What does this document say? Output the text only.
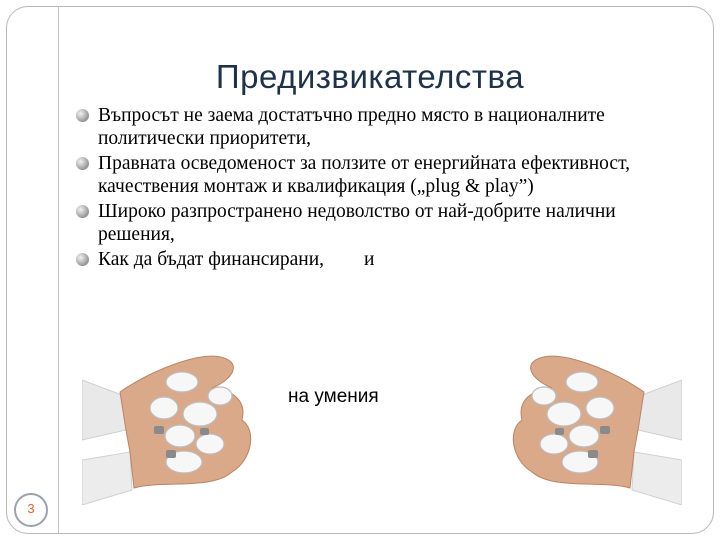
Предизвикателства
Въпросът не заема достатъчно предно място в националните политически приоритети,
Правната осведоменост за ползите от енергийната ефективност, качествения монтаж и квалификация („plug & play”)
Широко разпространено недоволство от най-добрите налични решения,
Как да бъдат финансирани, и
на умения
3
